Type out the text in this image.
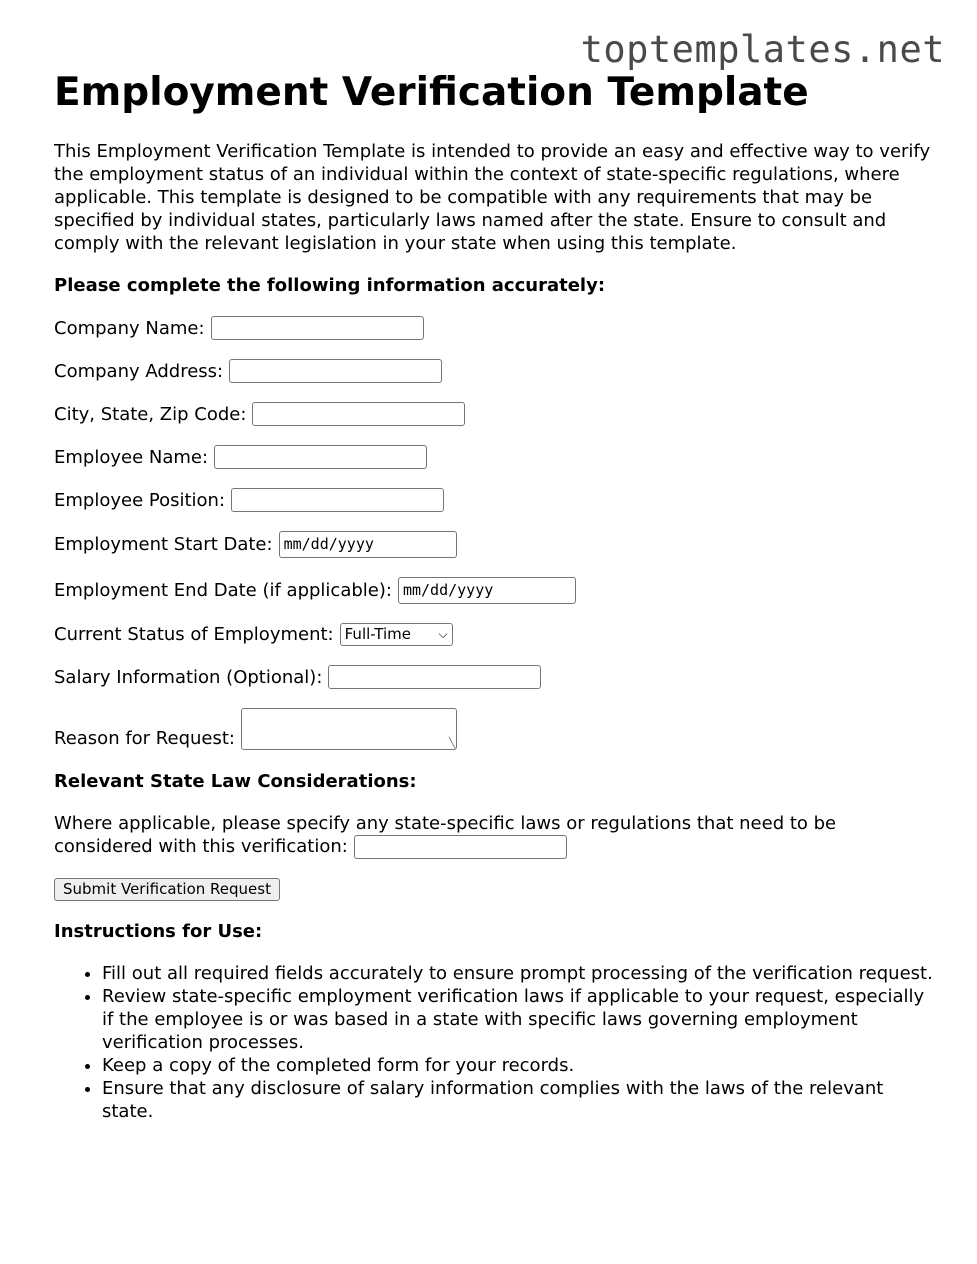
toptemplates.net
Employment Verification Template

This Employment Verification Template is intended to provide an easy and effective way to verify the employment status of an individual within the context of state-specific regulations, where applicable. This template is designed to be compatible with any requirements that may be specified by individual states, particularly laws named after the state. Ensure to consult and comply with the relevant legislation in your state when using this template.

Please complete the following information accurately:
Company Name:
Company Address:
City, State, Zip Code:
Employee Name:
Employee Position:
Employment Start Date: mm/dd/yyyy
Employment End Date (if applicable): mm/dd/yyyy
Current Status of Employment: Full-Time ⌵
Salary Information (Optional):
Reason for Request:	╲
Relevant State Law Considerations:

Where applicable, please specify any state-specific laws or regulations that need to be considered with this verification:

Submit Verification Request
Instructions for Use:
• Fill out all required fields accurately to ensure prompt processing of the verification request.
• Review state-specific employment verification laws if applicable to your request, especially if the employee is or was based in a state with specific laws governing employment verification processes.
• Keep a copy of the completed form for your records.
• Ensure that any disclosure of salary information complies with the laws of the relevant state.
